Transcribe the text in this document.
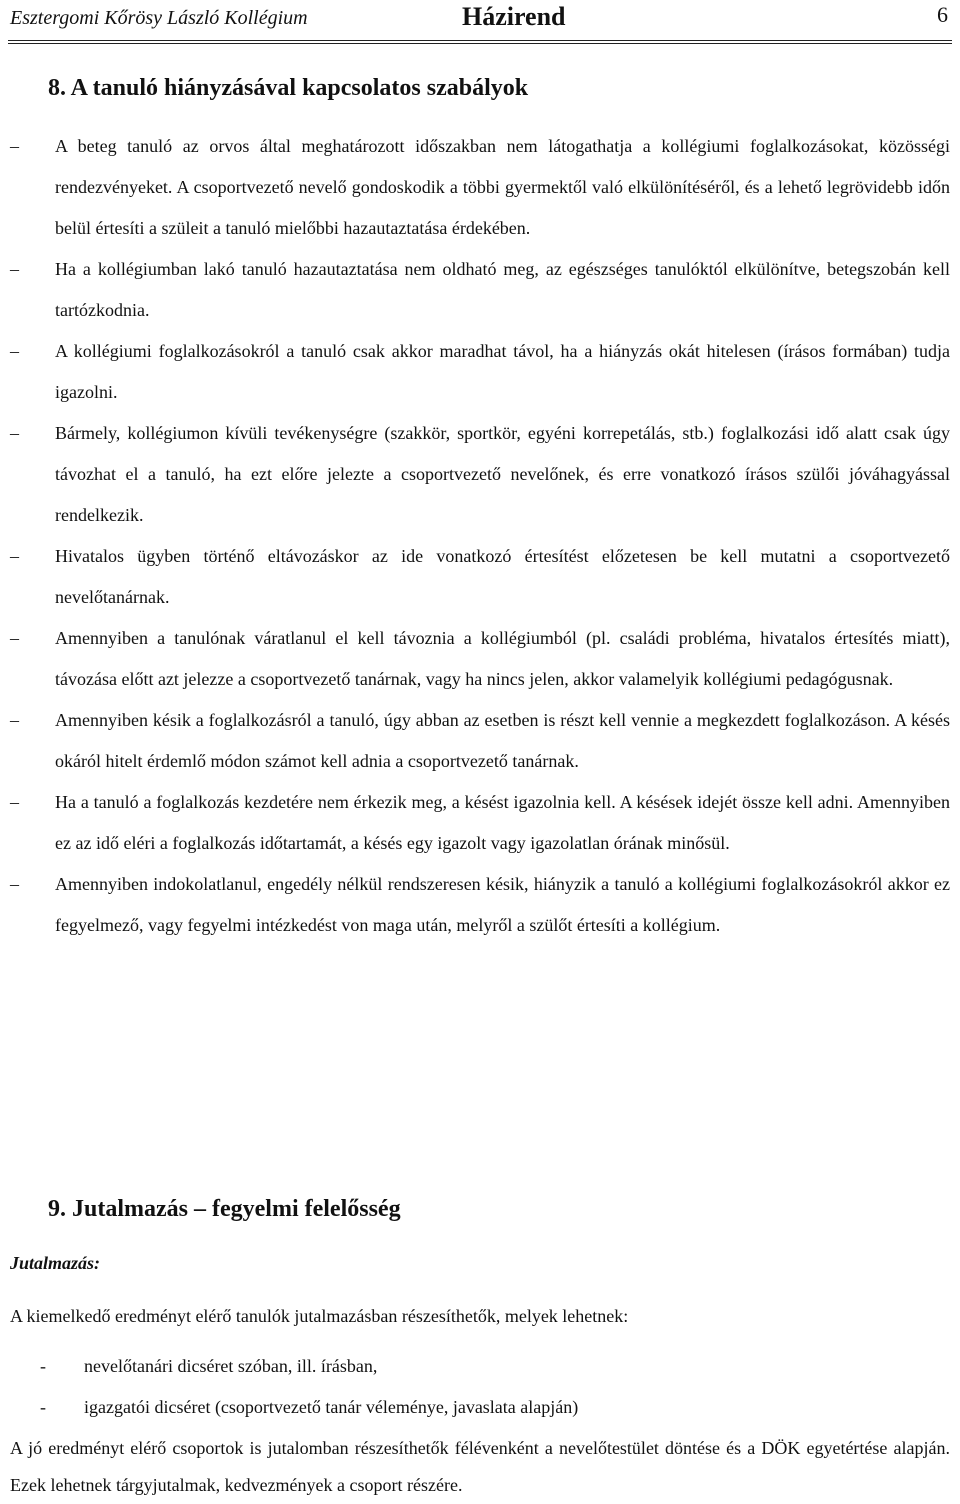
Esztergomi Kőrösy László Kollégium	Házirend	6
8. A tanuló hiányzásával kapcsolatos szabályok
– A beteg tanuló az orvos által meghatározott időszakban nem látogathatja a kollégiumi foglalkozásokat, közösségi rendezvényeket. A csoportvezető nevelő gondoskodik a többi gyermektől való elkülönítéséről, és a lehető legrövidebb időn belül értesíti a szüleit a tanuló mielőbbi hazautaztatása érdekében.
– Ha a kollégiumban lakó tanuló hazautaztatása nem oldható meg, az egészséges tanulóktól elkülönítve, betegszobán kell tartózkodnia.
– A kollégiumi foglalkozásokról a tanuló csak akkor maradhat távol, ha a hiányzás okát hitelesen (írásos formában) tudja igazolni.
– Bármely, kollégiumon kívüli tevékenységre (szakkör, sportkör, egyéni korrepetálás, stb.) foglalkozási idő alatt csak úgy távozhat el a tanuló, ha ezt előre jelezte a csoportvezető nevelőnek, és erre vonatkozó írásos szülői jóváhagyással rendelkezik.
– Hivatalos ügyben történő eltávozáskor az ide vonatkozó értesítést előzetesen be kell mutatni a csoportvezető nevelőtanárnak.
– Amennyiben a tanulónak váratlanul el kell távoznia a kollégiumból (pl. családi probléma, hivatalos értesítés miatt), távozása előtt azt jelezze a csoportvezető tanárnak, vagy ha nincs jelen, akkor valamelyik kollégiumi pedagógusnak.
– Amennyiben késik a foglalkozásról a tanuló, úgy abban az esetben is részt kell vennie a megkezdett foglalkozáson. A késés okáról hitelt érdemlő módon számot kell adnia a csoportvezető tanárnak.
– Ha a tanuló a foglalkozás kezdetére nem érkezik meg, a késést igazolnia kell. A késések idejét össze kell adni. Amennyiben ez az idő eléri a foglalkozás időtartamát, a késés egy igazolt vagy igazolatlan órának minősül.
– Amennyiben indokolatlanul, engedély nélkül rendszeresen késik, hiányzik a tanuló a kollégiumi foglalkozásokról akkor ez fegyelmező, vagy fegyelmi intézkedést von maga után, melyről a szülőt értesíti a kollégium.
9. Jutalmazás – fegyelmi felelősség
Jutalmazás:
A kiemelkedő eredményt elérő tanulók jutalmazásban részesíthetők, melyek lehetnek:
- nevelőtanári dicséret szóban, ill. írásban,
- igazgatói dicséret (csoportvezető tanár véleménye, javaslata alapján)
A jó eredményt elérő csoportok is jutalomban részesíthetők félévenként a nevelőtestület döntése és a DÖK egyetértése alapján. Ezek lehetnek tárgyjutalmak, kedvezmények a csoport részére.
